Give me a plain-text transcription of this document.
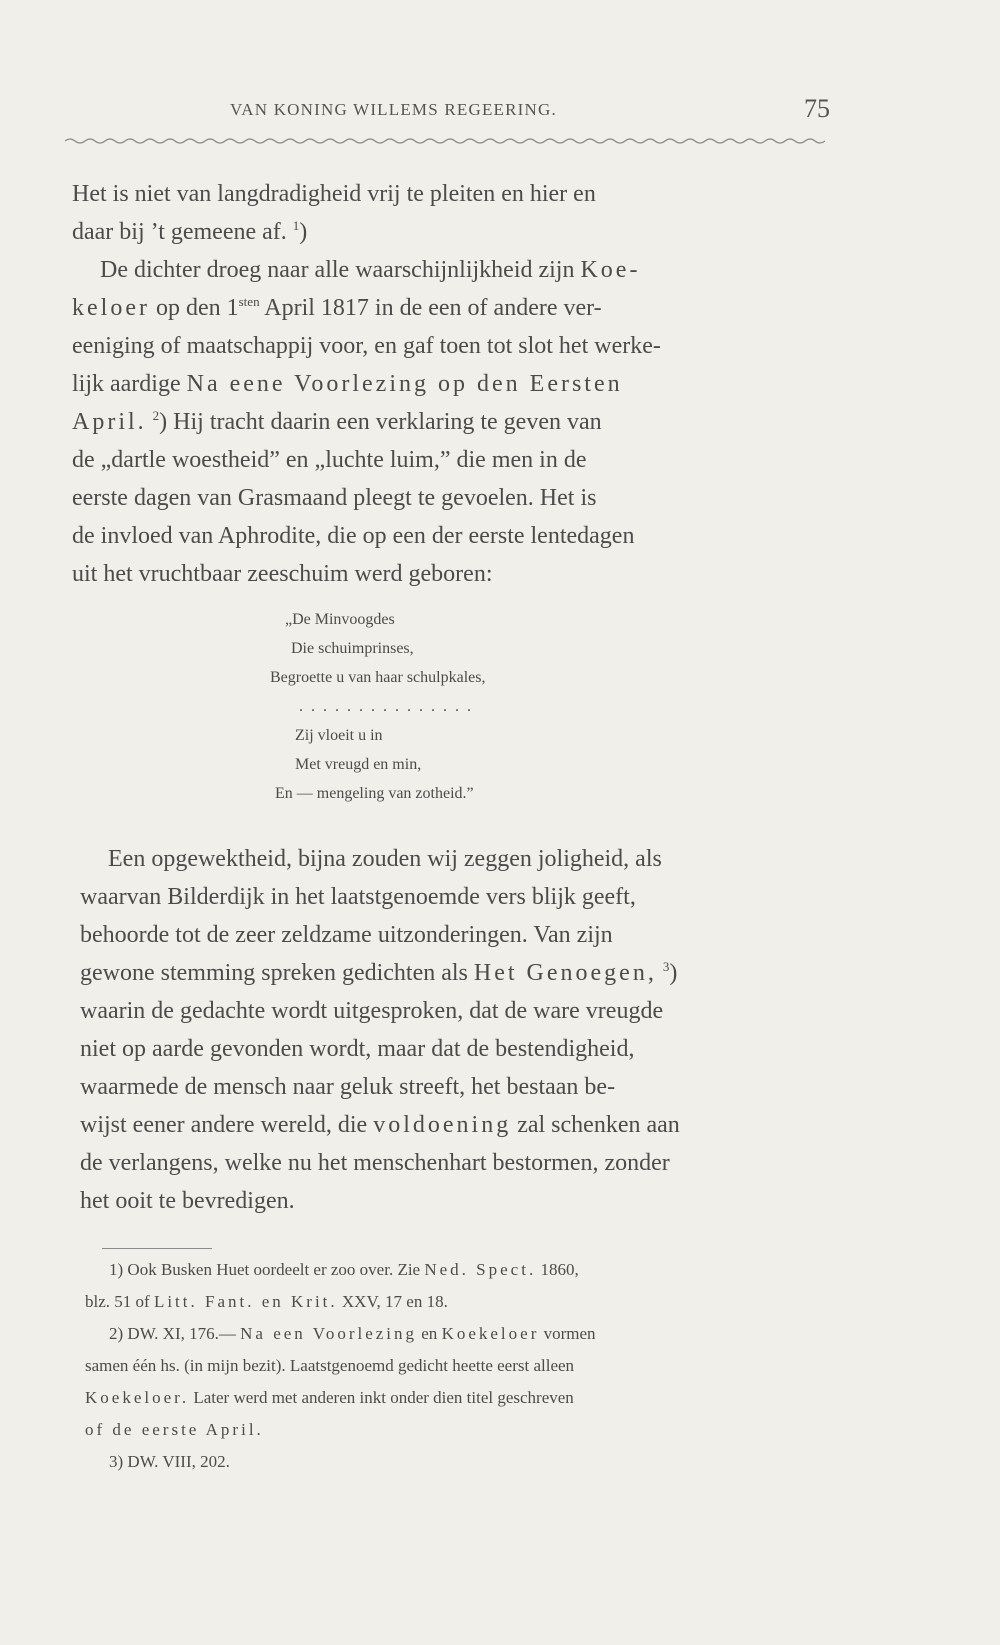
VAN KONING WILLEMS REGEERING.	75

Het is niet van langdradigheid vrij te pleiten en hier en

daar bij ’t gemeene af. $^1$)

De dichter droeg naar alle waarschijnlijkheid zijn Koe-

keloer op den $1^{sten}$ April 1817 in de een of andere ver-

eeniging of maatschappij voor, en gaf toen tot slot het werke-

lijk aardige Na eene Voorlezing op den Eersten

April. $^2$) Hij tracht daarin een verklaring te geven van

de „dartle woestheid” en „luchte luim,” die men in de

eerste dagen van Grasmaand pleegt te gevoelen. Het is

de invloed van Aphrodite, die op een der eerste lentedagen

uit het vruchtbaar zeeschuim werd geboren:

„De Minvoogdes
Die schuimprinses,
Begroette u van haar schulpkales,
...............
Zij vloeit u in
Met vreugd en min,
En — mengeling van zotheid.”

Een opgewektheid, bijna zouden wij zeggen joligheid, als

waarvan Bilderdijk in het laatstgenoemde vers blijk geeft,

behoorde tot de zeer zeldzame uitzonderingen. Van zijn

gewone stemming spreken gedichten als Het Genoegen, $^3$)

waarin de gedachte wordt uitgesproken, dat de ware vreugde

niet op aarde gevonden wordt, maar dat de bestendigheid,

waarmede de mensch naar geluk streeft, het bestaan be-

wijst eener andere wereld, die voldoening zal schenken aan

de verlangens, welke nu het menschenhart bestormen, zonder

het ooit te bevredigen.

1) Ook Busken Huet oordeelt er zoo over. Zie Ned. Spect. 1860,

blz. 51 of Litt. Fant. en Krit. XXV, 17 en 18.

2) DW. XI, 176.— Na een Voorlezing en Koekeloer vormen

samen één hs. (in mijn bezit). Laatstgenoemd gedicht heette eerst alleen

Koekeloer. Later werd met anderen inkt onder dien titel geschreven

of de eerste April.

3) DW. VIII, 202.
